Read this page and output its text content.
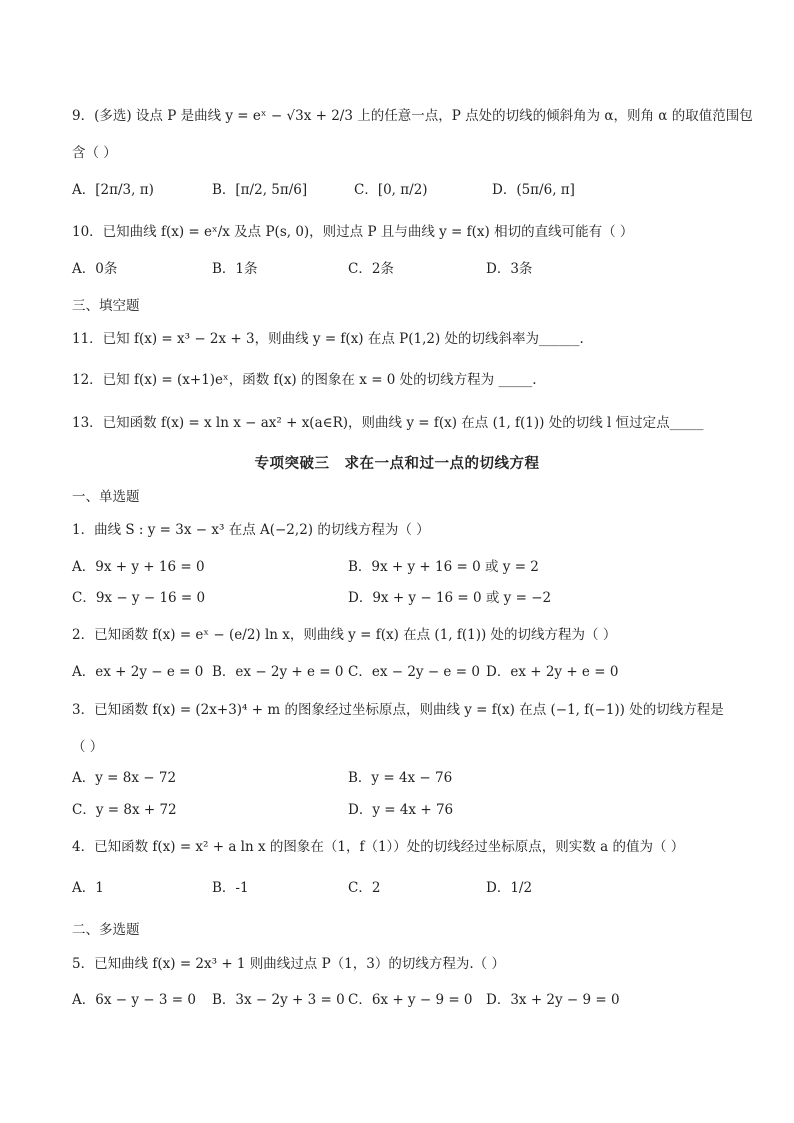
9．(多选) 设点 P 是曲线 y = eˣ − √3x + 2/3 上的任意一点，P 点处的切线的倾斜角为 α，则角 α 的取值范围包
含（ ）
A．[2π/3, π)	B．[π/2, 5π/6]	C．[0, π/2)	D．(5π/6, π]
10．已知曲线 f(x) = eˣ/x 及点 P(s, 0)，则过点 P 且与曲线 y = f(x) 相切的直线可能有（ ）
A．0条	B．1条	C．2条	D．3条
三、填空题
11．已知 f(x) = x³ − 2x + 3，则曲线 y = f(x) 在点 P(1,2) 处的切线斜率为______.
12．已知 f(x) = (x+1)eˣ，函数 f(x) 的图象在 x = 0 处的切线方程为 _____.
13．已知函数 f(x) = x ln x − ax² + x(a∈R)，则曲线 y = f(x) 在点 (1, f(1)) 处的切线 l 恒过定点_____
专项突破三　求在一点和过一点的切线方程
一、单选题
1．曲线 S : y = 3x − x³ 在点 A(−2,2) 的切线方程为（ ）
A．9x + y + 16 = 0	B．9x + y + 16 = 0 或 y = 2
C．9x − y − 16 = 0	D．9x + y − 16 = 0 或 y = −2
2．已知函数 f(x) = eˣ − (e/2) ln x，则曲线 y = f(x) 在点 (1, f(1)) 处的切线方程为（ ）
A．ex + 2y − e = 0 B．ex − 2y + e = 0 C．ex − 2y − e = 0 D．ex + 2y + e = 0
3．已知函数 f(x) = (2x+3)⁴ + m 的图象经过坐标原点，则曲线 y = f(x) 在点 (−1, f(−1)) 处的切线方程是
（ ）
A．y = 8x − 72	B．y = 4x − 76
C．y = 8x + 72	D．y = 4x + 76
4．已知函数 f(x) = x² + a ln x 的图象在（1，f（1））处的切线经过坐标原点，则实数 a 的值为（ ）
A．1	B．-1	C．2	D．1/2
二、多选题
5．已知曲线 f(x) = 2x³ + 1 则曲线过点 P（1，3）的切线方程为.（ ）
A．6x − y − 3 = 0 B．3x − 2y + 3 = 0 C．6x + y − 9 = 0 D．3x + 2y − 9 = 0
